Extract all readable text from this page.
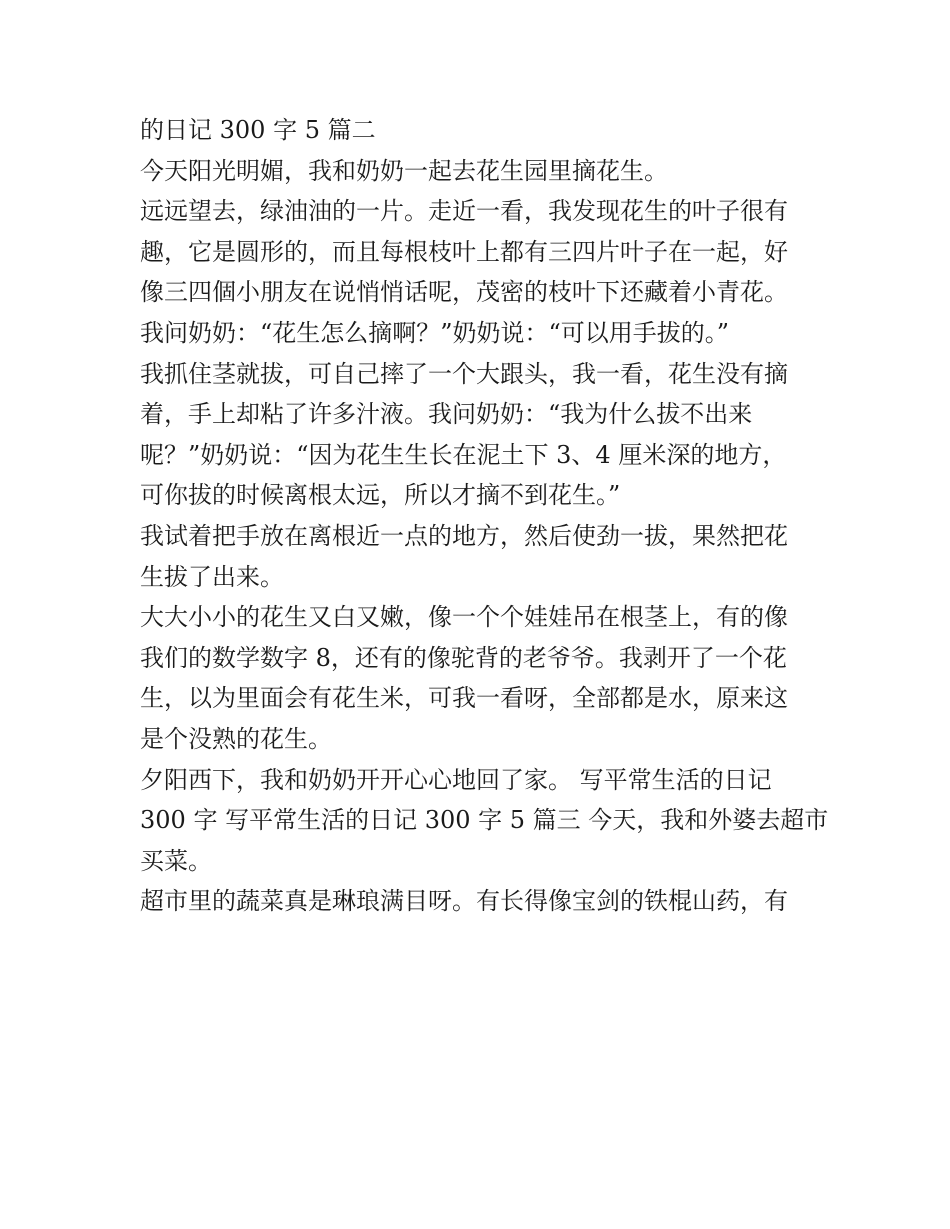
的日记 300 字 5 篇二
今天阳光明媚，我和奶奶一起去花生园里摘花生。
远远望去，绿油油的一片。走近一看，我发现花生的叶子很有
趣，它是圆形的，而且每根枝叶上都有三四片叶子在一起，好
像三四個小朋友在说悄悄话呢，茂密的枝叶下还藏着小青花。
我问奶奶：“花生怎么摘啊？”奶奶说：“可以用手拔的。”
我抓住茎就拔，可自己摔了一个大跟头，我一看，花生没有摘
着，手上却粘了许多汁液。我问奶奶：“我为什么拔不出来
呢？”奶奶说：“因为花生生长在泥土下 3、4 厘米深的地方，
可你拔的时候离根太远，所以才摘不到花生。”
我试着把手放在离根近一点的地方，然后使劲一拔，果然把花
生拔了出来。
大大小小的花生又白又嫩，像一个个娃娃吊在根茎上，有的像
我们的数学数字 8，还有的像驼背的老爷爷。我剥开了一个花
生，以为里面会有花生米，可我一看呀，全部都是水，原来这
是个没熟的花生。
夕阳西下，我和奶奶开开心心地回了家。 写平常生活的日记
300 字 写平常生活的日记 300 字 5 篇三 今天，我和外婆去超市
买菜。
超市里的蔬菜真是琳琅满目呀。有长得像宝剑的铁棍山药，有
